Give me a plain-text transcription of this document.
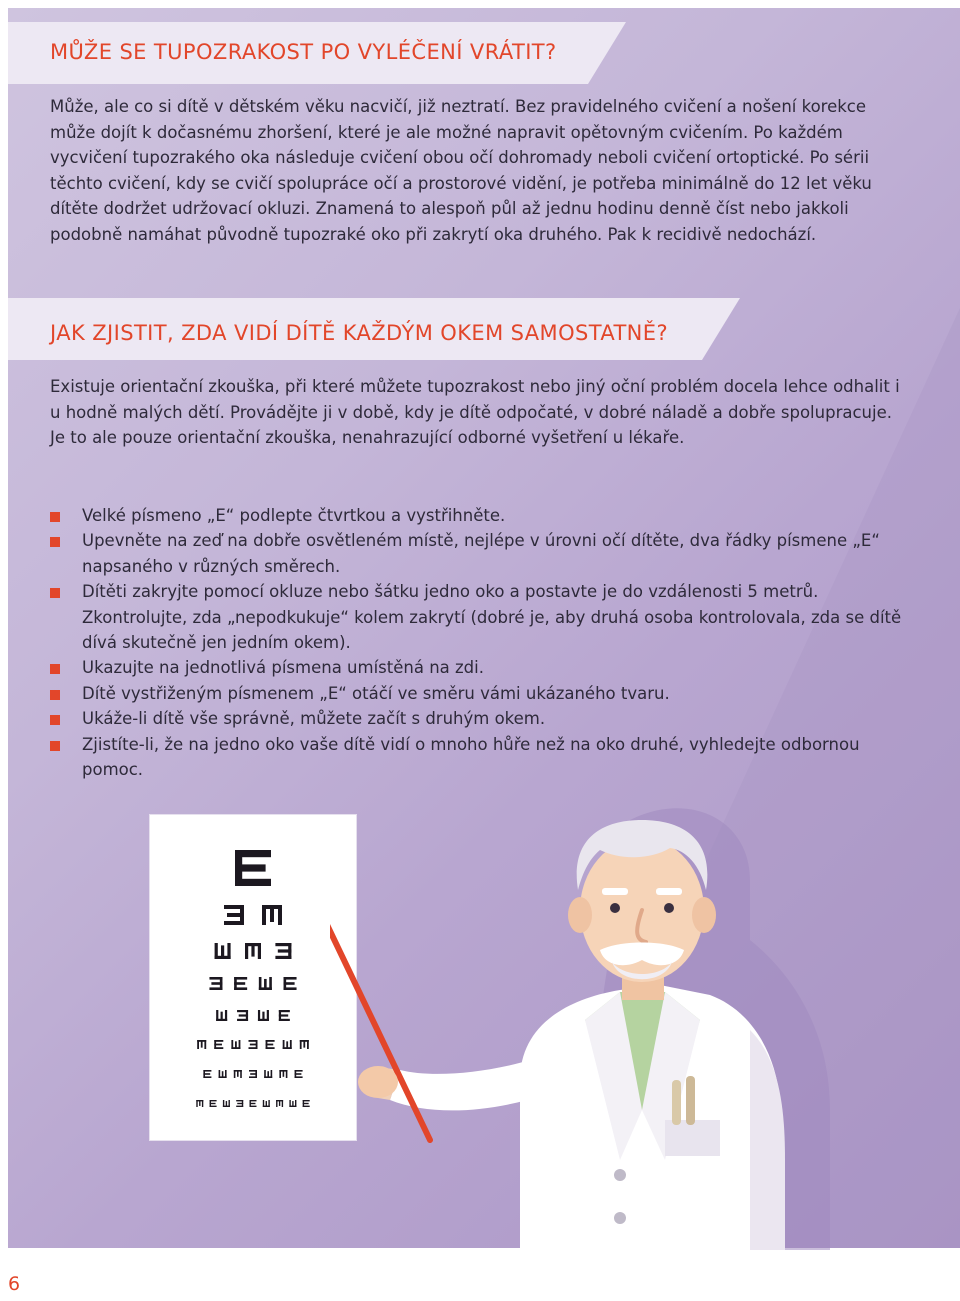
MŮŽE SE TUPOZRAKOST PO VYLÉČENÍ VRÁTIT?

Může, ale co si dítě v dětském věku nacvičí, již neztratí. Bez pravidelného cvičení a nošení korekce může dojít k dočasnému zhoršení, které je ale možné napravit opětovným cvičením. Po každém vycvičení tupozrakého oka následuje cvičení obou očí dohromady neboli cvičení ortoptické. Po sérii těchto cvičení, kdy se cvičí spolupráce očí a prostorové vidění, je potřeba minimálně do 12 let věku dítěte dodržet udržovací okluzi. Znamená to alespoň půl až jednu hodinu denně číst nebo jakkoli podobně namáhat původně tupozraké oko při zakrytí oka druhého. Pak k recidivě nedochází.

JAK ZJISTIT, ZDA VIDÍ DÍTĚ KAŽDÝM OKEM SAMOSTATNĚ?

Existuje orientační zkouška, při které můžete tupozrakost nebo jiný oční problém docela lehce odhalit i u hodně malých dětí. Provádějte ji v době, kdy je dítě odpočaté, v dobré náladě a dobře spolupracuje. Je to ale pouze orientační zkouška, nenahrazující odborné vyšetření u lékaře.

Velké písmeno „E“ podlepte čtvrtkou a vystřihněte.
Upevněte na zeď na dobře osvětleném místě, nejlépe v úrovni očí dítěte, dva řádky písmene „E“ napsaného v různých směrech.
Dítěti zakryjte pomocí okluze nebo šátku jedno oko a postavte je do vzdálenosti 5 metrů. Zkontrolujte, zda „nepodkukuje“ kolem zakrytí (dobré je, aby druhá osoba kontrolovala, zda se dítě dívá skutečně jen jedním okem).
Ukazujte na jednotlivá písmena umístěná na zdi.
Dítě vystřiženým písmenem „E“ otáčí ve směru vámi ukázaného tvaru.
Ukáže-li dítě vše správně, můžete začít s druhým okem.
Zjistíte-li, že na jedno oko vaše dítě vidí o mnoho hůře než na oko druhé, vyhledejte odbornou pomoc.
6
